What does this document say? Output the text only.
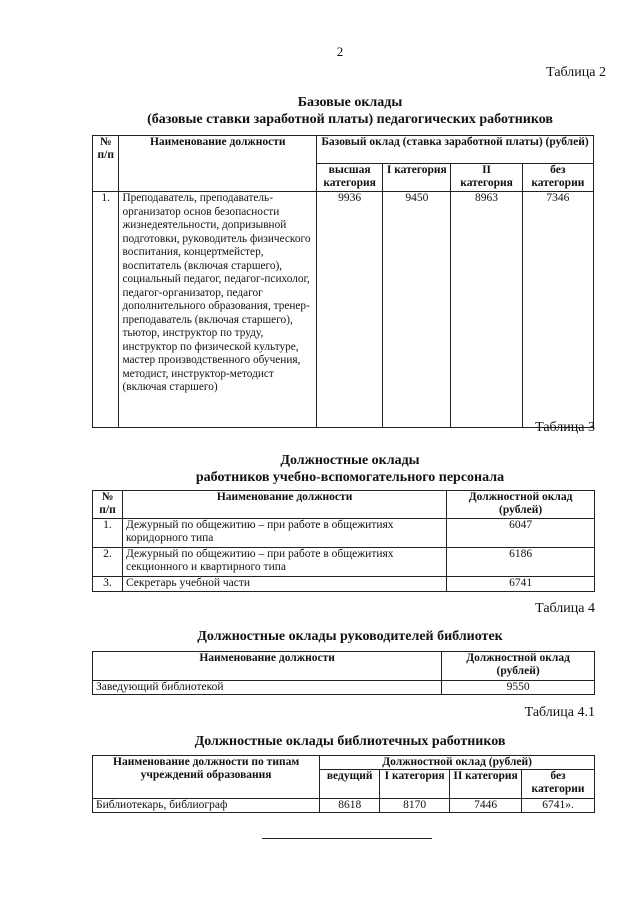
2
Таблица 2
Базовые оклады
(базовые ставки заработной платы) педагогических работников
№ п/п	Наименование должности	Базовый оклад (ставка заработной платы) (рублей)			
		высшая категория	I категория	II категория	без категории
1.	Преподаватель, преподаватель-организатор основ безопасности жизнедеятельности, допризывной подготовки, руководитель физического воспитания, концертмейстер, воспитатель (включая старшего), социальный педагог, педагог-психолог, педагог-организатор, педагог дополнительного образования, тренер-преподаватель (включая старшего), тьютор, инструктор по труду, инструктор по физической культуре, мастер производственного обучения, методист, инструктор-методист (включая старшего)	9936	9450	8963	7346
Таблица 3
Должностные оклады
работников учебно-вспомогательного персонала
№ п/п	Наименование должности	Должностной оклад (рублей)
1.	Дежурный по общежитию – при работе в общежитиях коридорного типа	6047
2.	Дежурный по общежитию – при работе в общежитиях секционного и квартирного типа	6186
3.	Секретарь учебной части	6741
Таблица 4
Должностные оклады руководителей библиотек
Наименование должности	Должностной оклад (рублей)
Заведующий библиотекой	9550
Таблица 4.1
Должностные оклады библиотечных работников
Наименование должности по типам учреждений образования	Должностной оклад (рублей)			
	ведущий	I категория	II категория	без категории
Библиотекарь, библиограф	8618	8170	7446	6741».
